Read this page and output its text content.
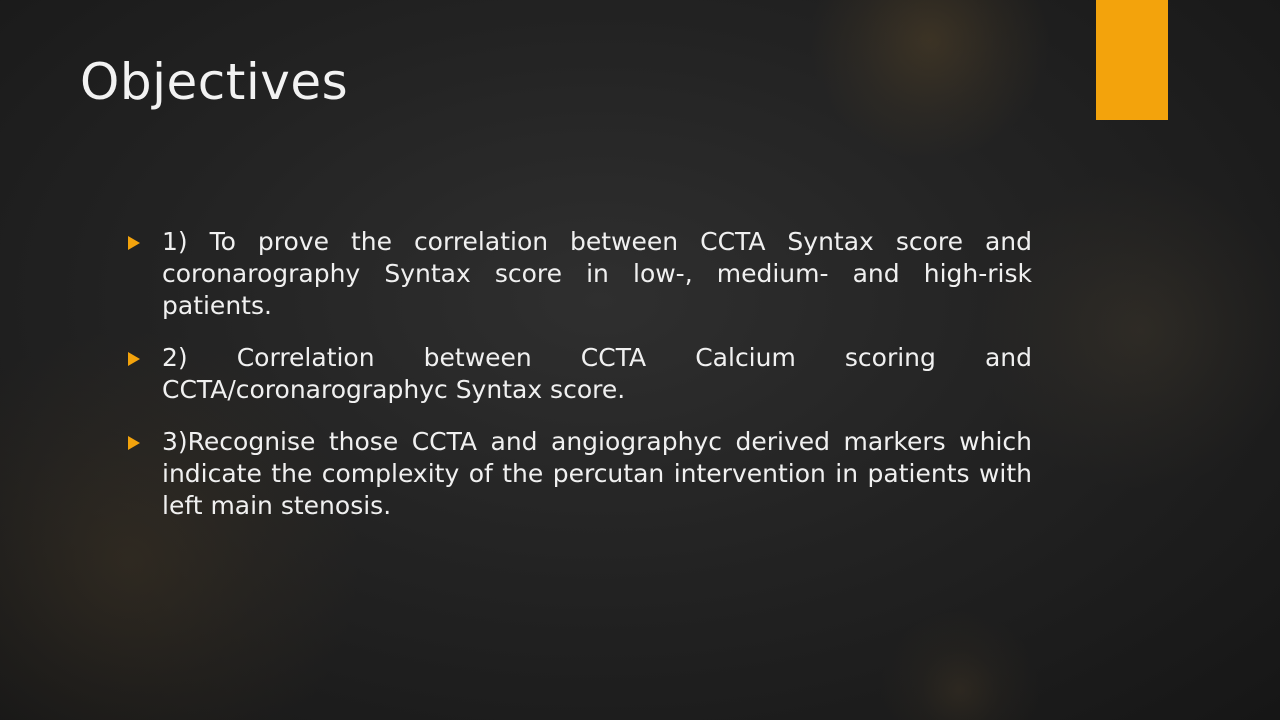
Objectives
1) To prove the correlation between CCTA Syntax score and coronarography Syntax score in low-, medium- and high-risk patients.
2) Correlation between CCTA Calcium scoring and CCTA/coronarographyc Syntax score.
3)Recognise those CCTA and angiographyc derived markers which indicate the complexity of the percutan intervention in patients with left main stenosis.
